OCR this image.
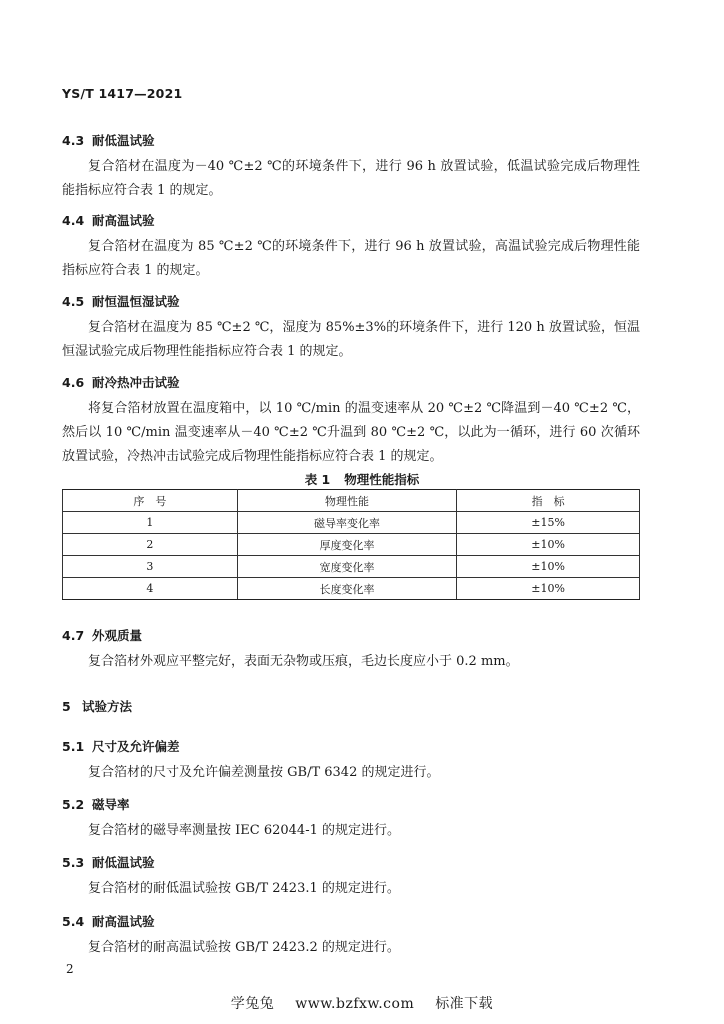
YS/T 1417—2021
4.3 耐低温试验

复合箔材在温度为－40 ℃±2 ℃的环境条件下，进行 96 h 放置试验，低温试验完成后物理性能指标应符合表 1 的规定。

4.4 耐高温试验

复合箔材在温度为 85 ℃±2 ℃的环境条件下，进行 96 h 放置试验，高温试验完成后物理性能指标应符合表 1 的规定。

4.5 耐恒温恒湿试验

复合箔材在温度为 85 ℃±2 ℃，湿度为 85%±3%的环境条件下，进行 120 h 放置试验，恒温恒湿试验完成后物理性能指标应符合表 1 的规定。

4.6 耐冷热冲击试验

将复合箔材放置在温度箱中，以 10 ℃/min 的温变速率从 20 ℃±2 ℃降温到－40 ℃±2 ℃，然后以 10 ℃/min 温变速率从－40 ℃±2 ℃升温到 80 ℃±2 ℃，以此为一循环，进行 60 次循环放置试验，冷热冲击试验完成后物理性能指标应符合表 1 的规定。

表 1 物理性能指标
序　号	物理性能	指　标
1	磁导率变化率	±15%
2	厚度变化率	±10%
3	宽度变化率	±10%
4	长度变化率	±10%
4.7 外观质量

复合箔材外观应平整完好，表面无杂物或压痕，毛边长度应小于 0.2 mm。

5 试验方法
5.1 尺寸及允许偏差

复合箔材的尺寸及允许偏差测量按 GB/T 6342 的规定进行。

5.2 磁导率

复合箔材的磁导率测量按 IEC 62044-1 的规定进行。

5.3 耐低温试验

复合箔材的耐低温试验按 GB/T 2423.1 的规定进行。

5.4 耐高温试验

复合箔材的耐高温试验按 GB/T 2423.2 的规定进行。

2
学兔兔 www.bzfxw.com 标准下载
